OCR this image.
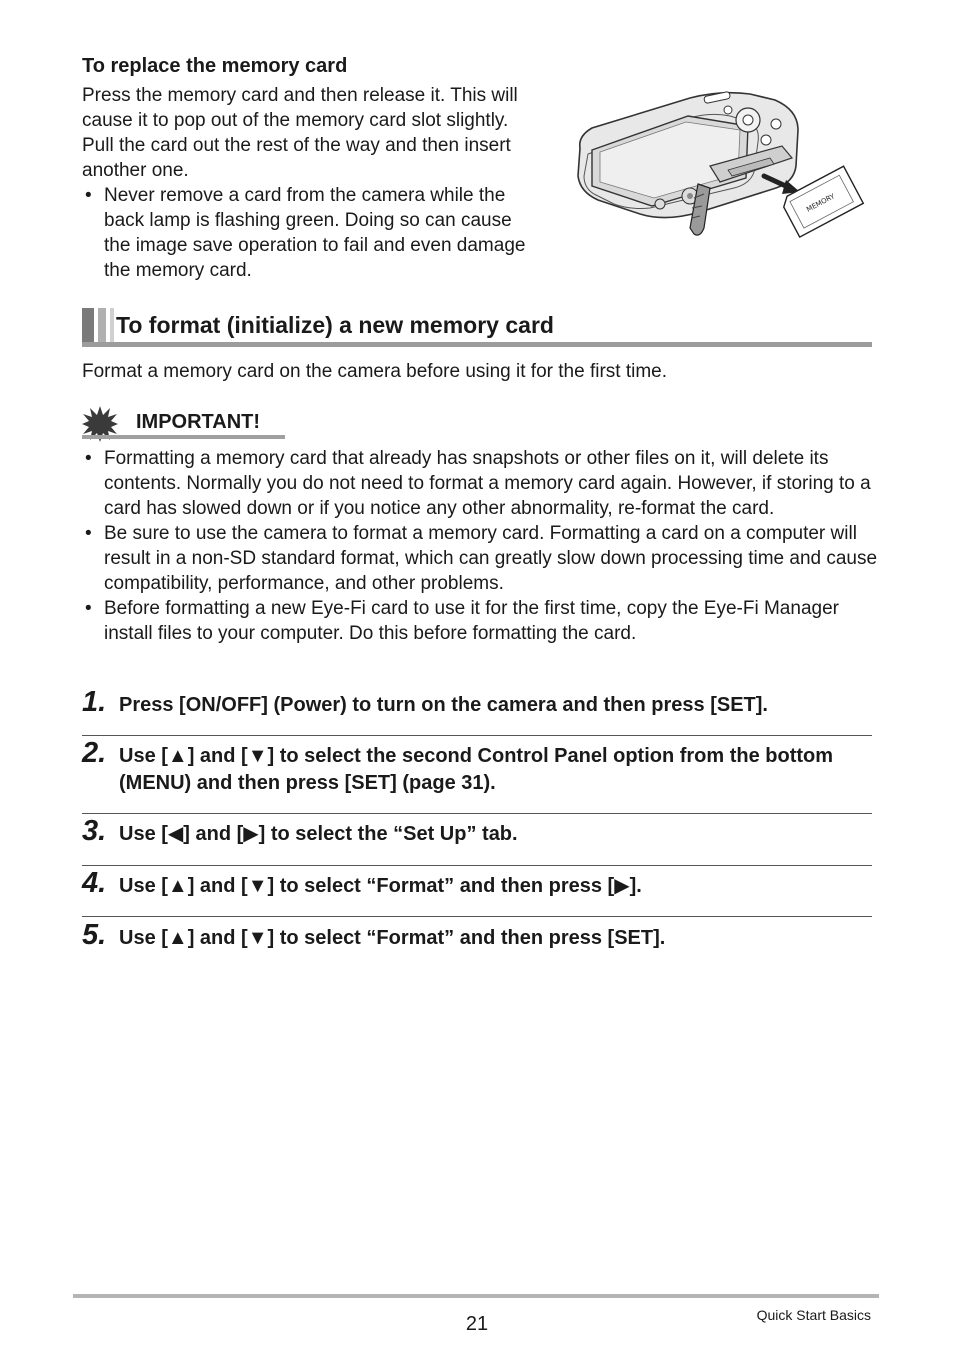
To replace the memory card
Press the memory card and then release it. This will cause it to pop out of the memory card slot slightly. Pull the card out the rest of the way and then insert another one.
• Never remove a card from the camera while the back lamp is flashing green. Doing so can cause the image save operation to fail and even damage the memory card.
MEMORY
To format (initialize) a new memory card
Format a memory card on the camera before using it for the first time.
IMPORTANT!
• Formatting a memory card that already has snapshots or other files on it, will delete its contents. Normally you do not need to format a memory card again. However, if storing to a card has slowed down or if you notice any other abnormality, re-format the card.
• Be sure to use the camera to format a memory card. Formatting a card on a computer will result in a non-SD standard format, which can greatly slow down processing time and cause compatibility, performance, and other problems.
• Before formatting a new Eye-Fi card to use it for the first time, copy the Eye-Fi Manager install files to your computer. Do this before formatting the card.
1. Press [ON/OFF] (Power) to turn on the camera and then press [SET].
2. Use [▲] and [▼] to select the second Control Panel option from the bottom (MENU) and then press [SET] (page 31).
3. Use [◀] and [▶] to select the “Set Up” tab.
4. Use [▲] and [▼] to select “Format” and then press [▶].
5. Use [▲] and [▼] to select “Format” and then press [SET].
21	Quick Start Basics
